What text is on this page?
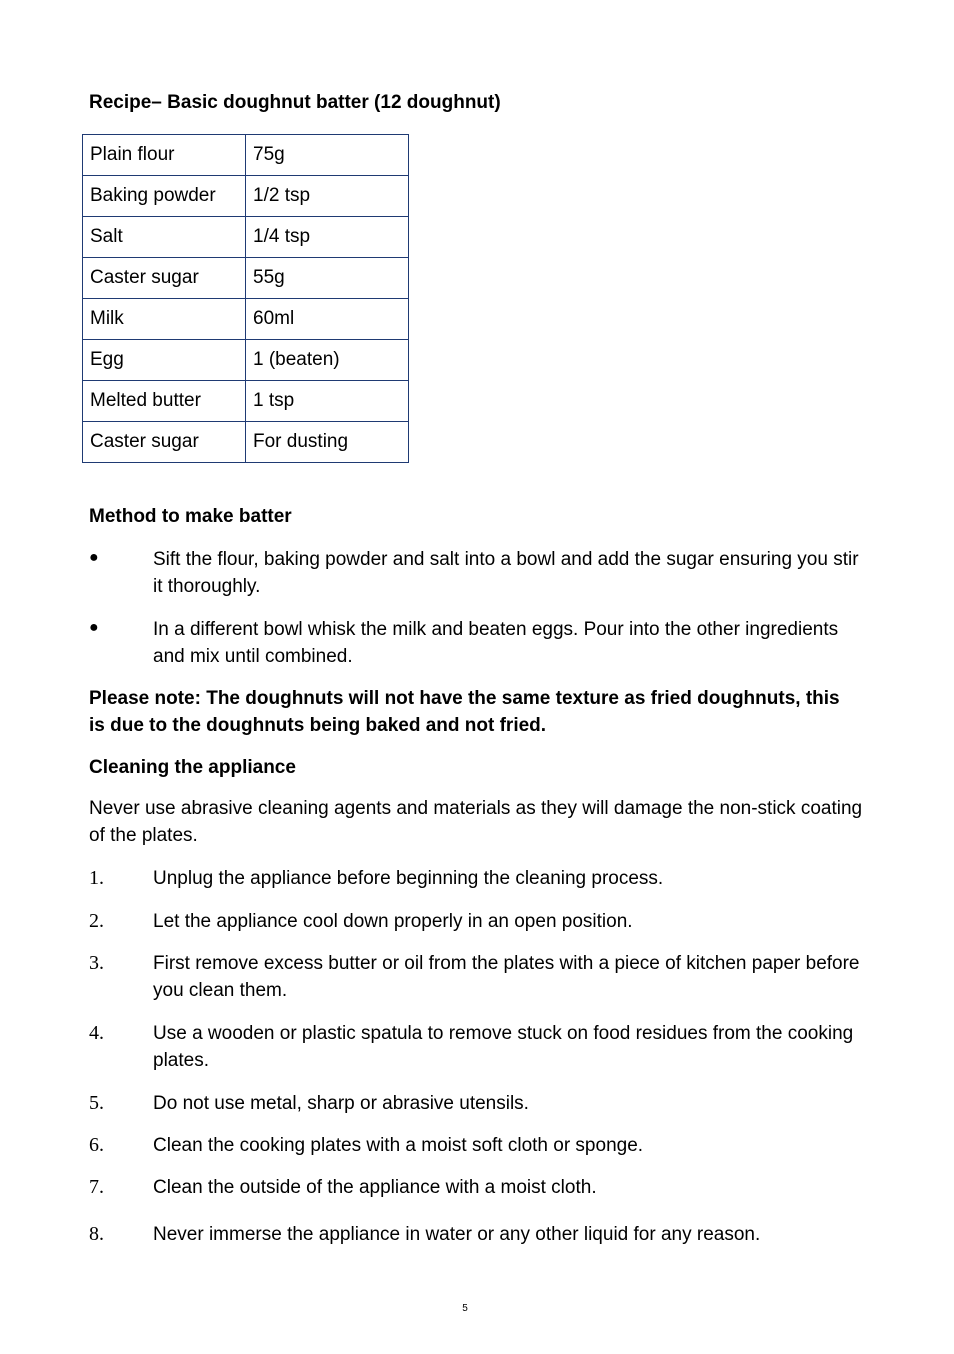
Recipe– Basic doughnut batter (12 doughnut)
Plain flour	75g
Baking powder	1/2 tsp
Salt	1/4 tsp
Caster sugar	55g
Milk	60ml
Egg	1 (beaten)
Melted butter	1 tsp
Caster sugar	For dusting
Method to make batter
●	Sift the flour, baking powder and salt into a bowl and add the sugar ensuring you stir it thoroughly.
●	In a different bowl whisk the milk and beaten eggs. Pour into the other ingredients and mix until combined.
Please note: The doughnuts will not have the same texture as fried doughnuts, this is due to the doughnuts being baked and not fried.
Cleaning the appliance
Never use abrasive cleaning agents and materials as they will damage the non-stick coating of the plates.
1.	Unplug the appliance before beginning the cleaning process.
2.	Let the appliance cool down properly in an open position.
3.	First remove excess butter or oil from the plates with a piece of kitchen paper before you clean them.
4.	Use a wooden or plastic spatula to remove stuck on food residues from the cooking plates.
5.	Do not use metal, sharp or abrasive utensils.
6.	Clean the cooking plates with a moist soft cloth or sponge.
7.	Clean the outside of the appliance with a moist cloth.
8.	Never immerse the appliance in water or any other liquid for any reason.
5
